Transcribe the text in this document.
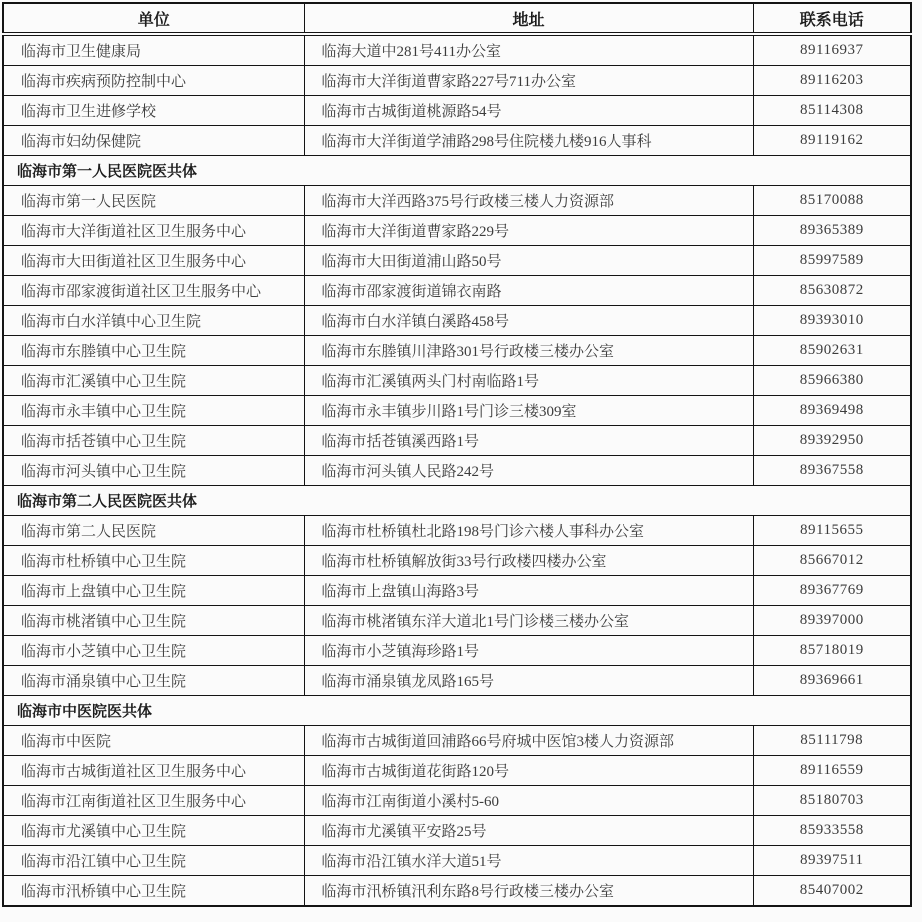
单位	地址	联系电话
临海市卫生健康局	临海大道中281号411办公室	89116937
临海市疾病预防控制中心	临海市大洋街道曹家路227号711办公室	89116203
临海市卫生进修学校	临海市古城街道桃源路54号	85114308
临海市妇幼保健院	临海市大洋街道学浦路298号住院楼九楼916人事科	89119162
临海市第一人民医院医共体		
临海市第一人民医院	临海市大洋西路375号行政楼三楼人力资源部	85170088
临海市大洋街道社区卫生服务中心	临海市大洋街道曹家路229号	89365389
临海市大田街道社区卫生服务中心	临海市大田街道浦山路50号	85997589
临海市邵家渡街道社区卫生服务中心	临海市邵家渡街道锦衣南路	85630872
临海市白水洋镇中心卫生院	临海市白水洋镇白溪路458号	89393010
临海市东塍镇中心卫生院	临海市东塍镇川津路301号行政楼三楼办公室	85902631
临海市汇溪镇中心卫生院	临海市汇溪镇两头门村南临路1号	85966380
临海市永丰镇中心卫生院	临海市永丰镇步川路1号门诊三楼309室	89369498
临海市括苍镇中心卫生院	临海市括苍镇溪西路1号	89392950
临海市河头镇中心卫生院	临海市河头镇人民路242号	89367558
临海市第二人民医院医共体		
临海市第二人民医院	临海市杜桥镇杜北路198号门诊六楼人事科办公室	89115655
临海市杜桥镇中心卫生院	临海市杜桥镇解放街33号行政楼四楼办公室	85667012
临海市上盘镇中心卫生院	临海市上盘镇山海路3号	89367769
临海市桃渚镇中心卫生院	临海市桃渚镇东洋大道北1号门诊楼三楼办公室	89397000
临海市小芝镇中心卫生院	临海市小芝镇海珍路1号	85718019
临海市涌泉镇中心卫生院	临海市涌泉镇龙凤路165号	89369661
临海市中医院医共体		
临海市中医院	临海市古城街道回浦路66号府城中医馆3楼人力资源部	85111798
临海市古城街道社区卫生服务中心	临海市古城街道花街路120号	89116559
临海市江南街道社区卫生服务中心	临海市江南街道小溪村5-60	85180703
临海市尤溪镇中心卫生院	临海市尤溪镇平安路25号	85933558
临海市沿江镇中心卫生院	临海市沿江镇水洋大道51号	89397511
临海市汛桥镇中心卫生院	临海市汛桥镇汛利东路8号行政楼三楼办公室	85407002
